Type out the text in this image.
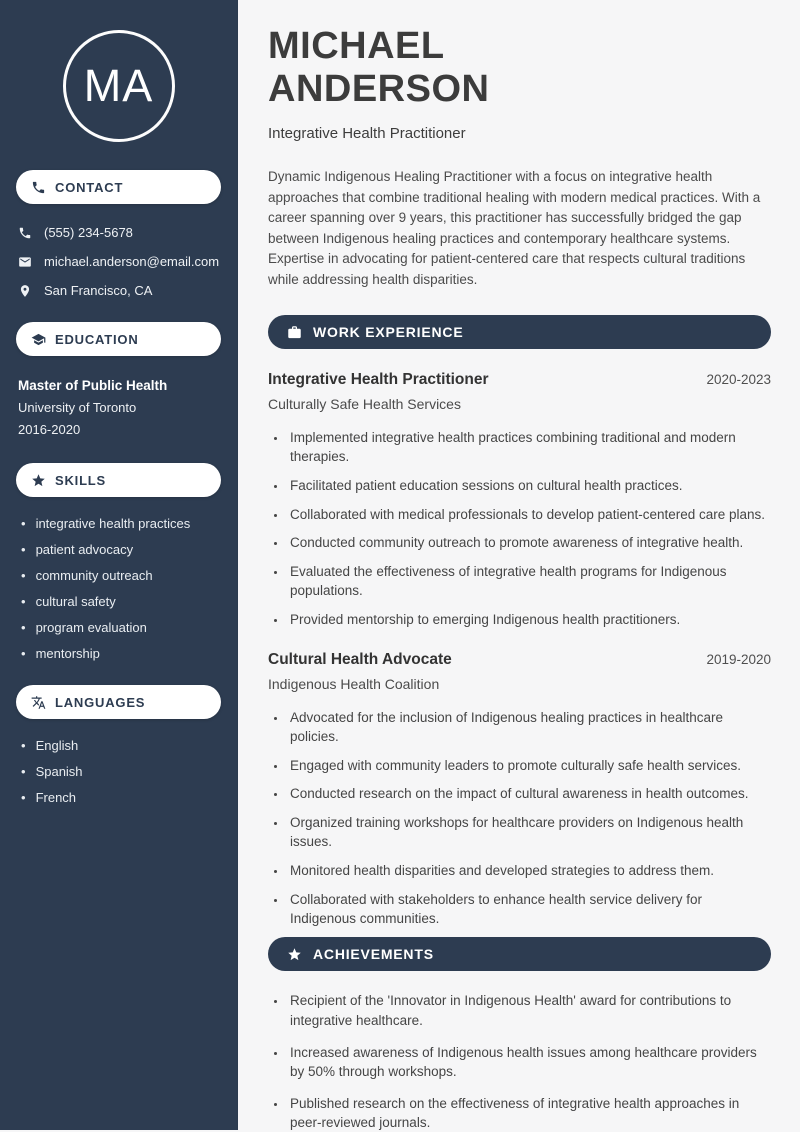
MA
CONTACT
(555) 234-5678
michael.anderson@email.com
San Francisco, CA
EDUCATION
Master of Public Health
University of Toronto
2016-2020
SKILLS
• integrative health practices
• patient advocacy
• community outreach
• cultural safety
• program evaluation
• mentorship
LANGUAGES
• English
• Spanish
• French
MICHAEL ANDERSON
Integrative Health Practitioner

Dynamic Indigenous Healing Practitioner with a focus on integrative health approaches that combine traditional healing with modern medical practices. With a career spanning over 9 years, this practitioner has successfully bridged the gap between Indigenous healing practices and contemporary healthcare systems. Expertise in advocating for patient-centered care that respects cultural traditions while addressing health disparities.

WORK EXPERIENCE
Integrative Health Practitioner	2020-2023
Culturally Safe Health Services
• Implemented integrative health practices combining traditional and modern therapies.
• Facilitated patient education sessions on cultural health practices.
• Collaborated with medical professionals to develop patient-centered care plans.
• Conducted community outreach to promote awareness of integrative health.
• Evaluated the effectiveness of integrative health programs for Indigenous populations.
• Provided mentorship to emerging Indigenous health practitioners.
Cultural Health Advocate	2019-2020
Indigenous Health Coalition
• Advocated for the inclusion of Indigenous healing practices in healthcare policies.
• Engaged with community leaders to promote culturally safe health services.
• Conducted research on the impact of cultural awareness in health outcomes.
• Organized training workshops for healthcare providers on Indigenous health issues.
• Monitored health disparities and developed strategies to address them.
• Collaborated with stakeholders to enhance health service delivery for Indigenous communities.
ACHIEVEMENTS
• Recipient of the 'Innovator in Indigenous Health' award for contributions to integrative healthcare.
• Increased awareness of Indigenous health issues among healthcare providers by 50% through workshops.
• Published research on the effectiveness of integrative health approaches in peer-reviewed journals.
